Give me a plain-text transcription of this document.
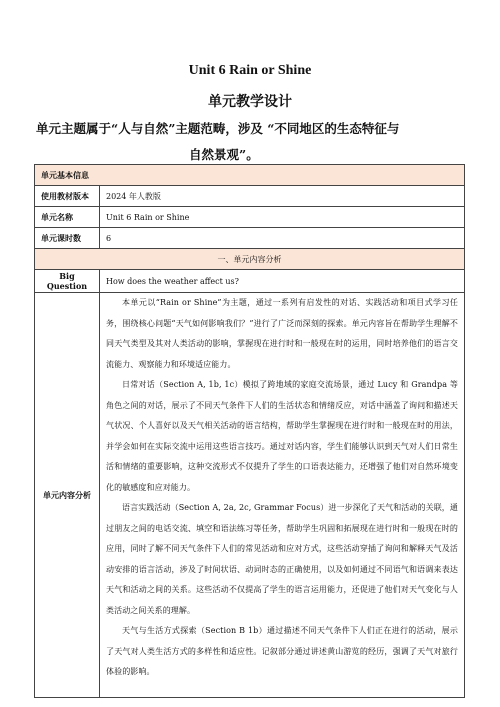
Unit 6 Rain or Shine
单元教学设计
单元主题属于“人与自然”主题范畴，涉及 “不同地区的生态特征与
自然景观”。
单元基本信息	
使用教材版本	2024 年人教版
单元名称	Unit 6 Rain or Shine
单元课时数	6
一、单元内容分析	
Big Question	How does the weather affect us?
单元内容分析	本单元以“Rain or Shine”为主题，通过一系列有启发性的对话、实践活动和项目式学习任务，围绕核心问题“天气如何影响我们？”进行了广泛而深刻的探索。单元内容旨在帮助学生理解不同天气类型及其对人类活动的影响，掌握现在进行时和一般现在时的运用，同时培养他们的语言交流能力、观察能力和环境适应能力。

日常对话（Section A, 1b, 1c）模拟了跨地域的家庭交流场景，通过 Lucy 和 Grandpa 等角色之间的对话，展示了不同天气条件下人们的生活状态和情绪反应，对话中涵盖了询问和描述天气状况、个人喜好以及天气相关活动的语言结构，帮助学生掌握现在进行时和一般现在时的用法，并学会如何在实际交流中运用这些语言技巧。通过对话内容，学生们能够认识到天气对人们日常生活和情绪的重要影响，这种交流形式不仅提升了学生的口语表达能力，还增强了他们对自然环境变化的敏感度和应对能力。

语言实践活动（Section A, 2a, 2c, Grammar Focus）进一步深化了天气和活动的关联，通过朋友之间的电话交流、填空和语法练习等任务，帮助学生巩固和拓展现在进行时和一般现在时的应用，同时了解不同天气条件下人们的常见活动和应对方式，这些活动穿插了询问和解释天气及活动安排的语言活动，涉及了时间状语、动词时态的正确使用，以及如何通过不同语气和语调来表达天气和活动之间的关系。这些活动不仅提高了学生的语言运用能力，还促进了他们对天气变化与人类活动之间关系的理解。

天气与生活方式探索（Section B 1b）通过描述不同天气条件下人们正在进行的活动，展示了天气对人类生活方式的多样性和适应性。记叙部分通过讲述黄山游览的经历，强调了天气对旅行体验的影响。
